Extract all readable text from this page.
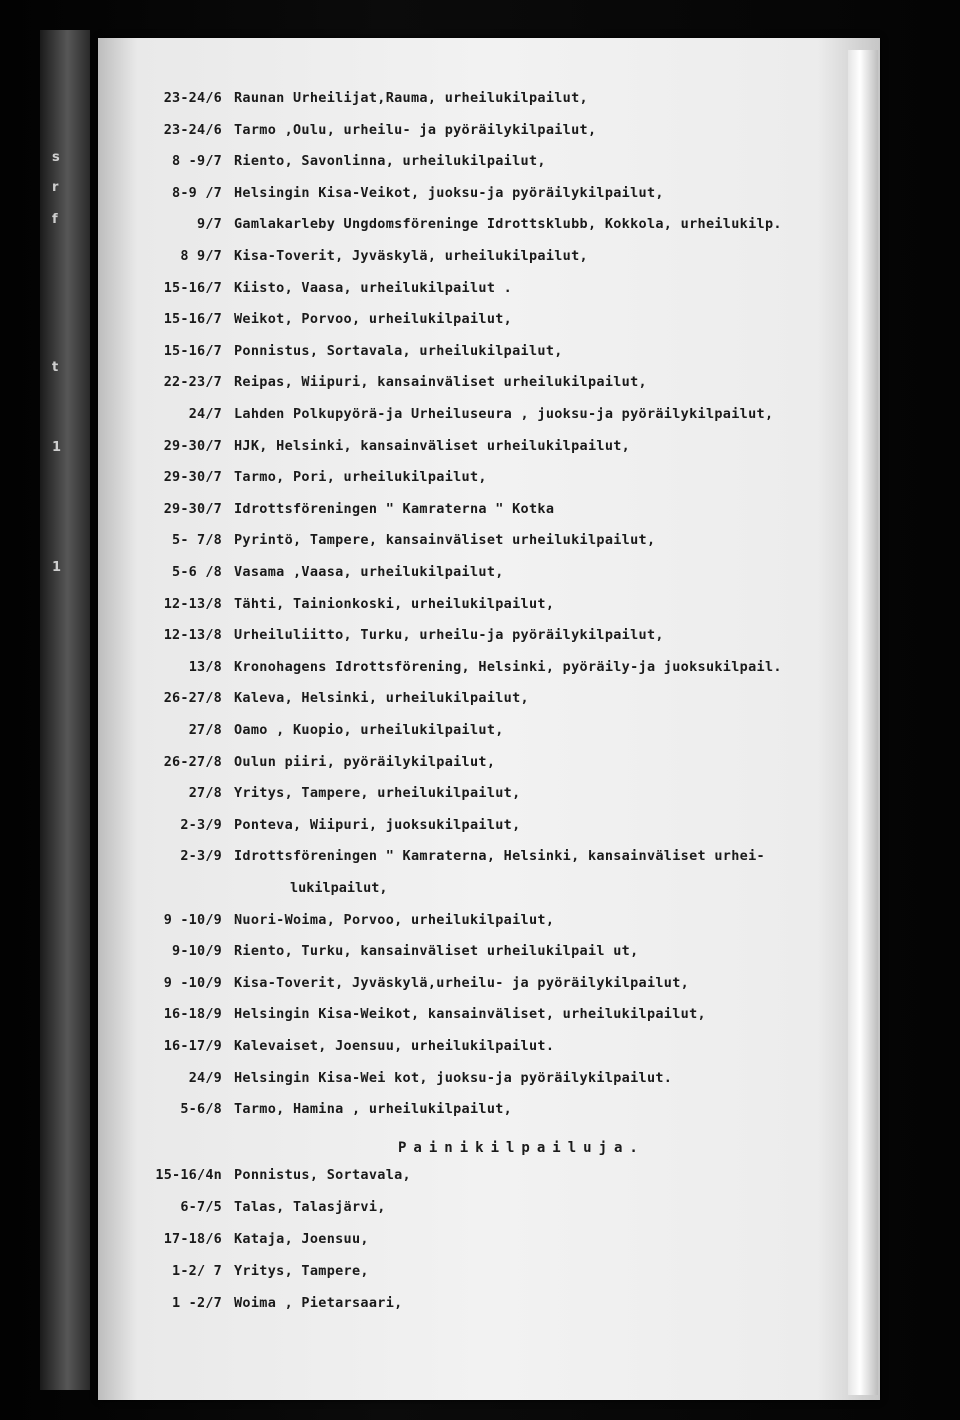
s
r
f
t
1
1
23-24/6 Raunan Urheilijat,Rauma, urheilukilpailut,
23-24/6 Tarmo ,Oulu, urheilu- ja pyöräilykilpailut,
8 -9/7 Riento, Savonlinna, urheilukilpailut,
8-9 /7 Helsingin Kisa-Veikot, juoksu-ja pyöräilykilpailut,
9/7 Gamlakarleby Ungdomsföreninge Idrottsklubb, Kokkola, urheilukilp.
8 9/7 Kisa-Toverit, Jyväskylä, urheilukilpailut,
15-16/7 Kiisto, Vaasa, urheilukilpailut .
15-16/7 Weikot, Porvoo, urheilukilpailut,
15-16/7 Ponnistus, Sortavala, urheilukilpailut,
22-23/7 Reipas, Wiipuri, kansainväliset urheilukilpailut,
24/7 Lahden Polkupyörä-ja Urheiluseura , juoksu-ja pyöräilykilpailut,
29-30/7 HJK, Helsinki, kansainväliset urheilukilpailut,
29-30/7 Tarmo, Pori, urheilukilpailut,
29-30/7 Idrottsföreningen " Kamraterna " Kotka
5- 7/8 Pyrintö, Tampere, kansainväliset urheilukilpailut,
5-6 /8 Vasama ,Vaasa, urheilukilpailut,
12-13/8 Tähti, Tainionkoski, urheilukilpailut,
12-13/8 Urheiluliitto, Turku, urheilu-ja pyöräilykilpailut,
13/8 Kronohagens Idrottsförening, Helsinki, pyöräily-ja juoksukilpail.
26-27/8 Kaleva, Helsinki, urheilukilpailut,
27/8 Oamo , Kuopio, urheilukilpailut,
26-27/8 Oulun piiri, pyöräilykilpailut,
27/8 Yritys, Tampere, urheilukilpailut,
2-3/9 Ponteva, Wiipuri, juoksukilpailut,
2-3/9 Idrottsföreningen " Kamraterna, Helsinki, kansainväliset urhei-
lukilpailut,
9 -10/9 Nuori-Woima, Porvoo, urheilukilpailut,
9-10/9 Riento, Turku, kansainväliset urheilukilpail ut,
9 -10/9 Kisa-Toverit, Jyväskylä,urheilu- ja pyöräilykilpailut,
16-18/9 Helsingin Kisa-Weikot, kansainväliset, urheilukilpailut,
16-17/9 Kalevaiset, Joensuu, urheilukilpailut.
24/9 Helsingin Kisa-Wei kot, juoksu-ja pyöräilykilpailut.
5-6/8 Tarmo, Hamina , urheilukilpailut,
Painikilpailuja.
15-16/4n Ponnistus, Sortavala,
6-7/5 Talas, Talasjärvi,
17-18/6 Kataja, Joensuu,
1-2/ 7 Yritys, Tampere,
1 -2/7 Woima , Pietarsaari,
